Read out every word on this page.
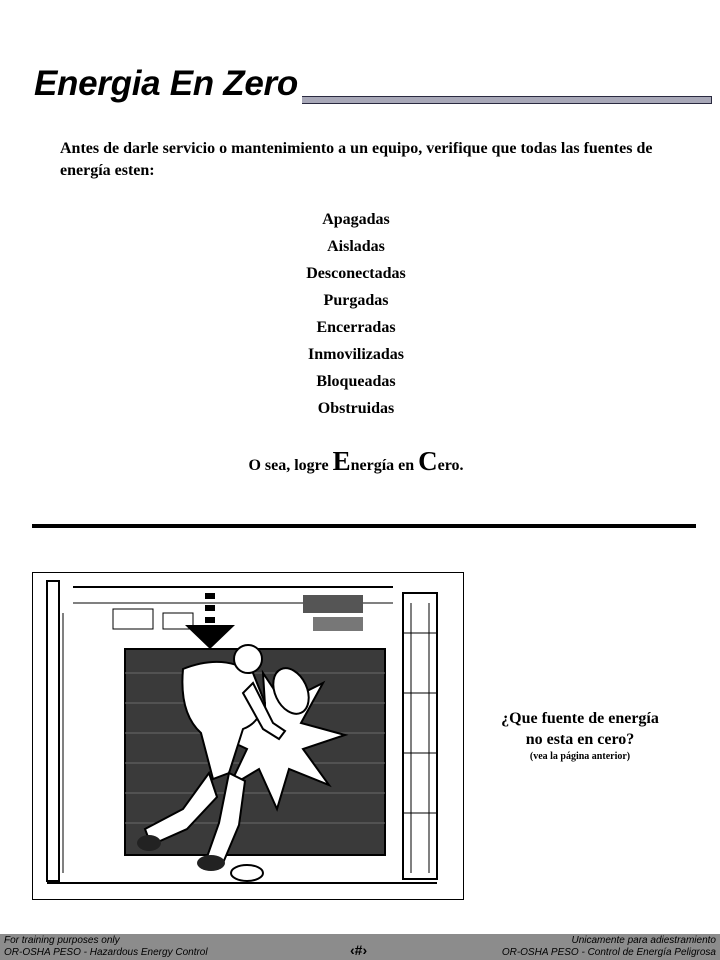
Energia En Zero

Antes de darle servicio o mantenimiento a un equipo, verifique que todas las fuentes de energía esten:

Apagadas
Aisladas
Desconectadas
Purgadas
Encerradas
Inmovilizadas
Bloqueadas
Obstruidas
O sea, logre Energía en Cero.
¿Que fuente de energía no esta en cero?
(vea la página anterior)
For training purposes only
OR-OSHA PESO - Hazardous Energy Control	‹#›
Unicamente para adiestramiento
OR-OSHA PESO - Control de Energía Peligrosa
